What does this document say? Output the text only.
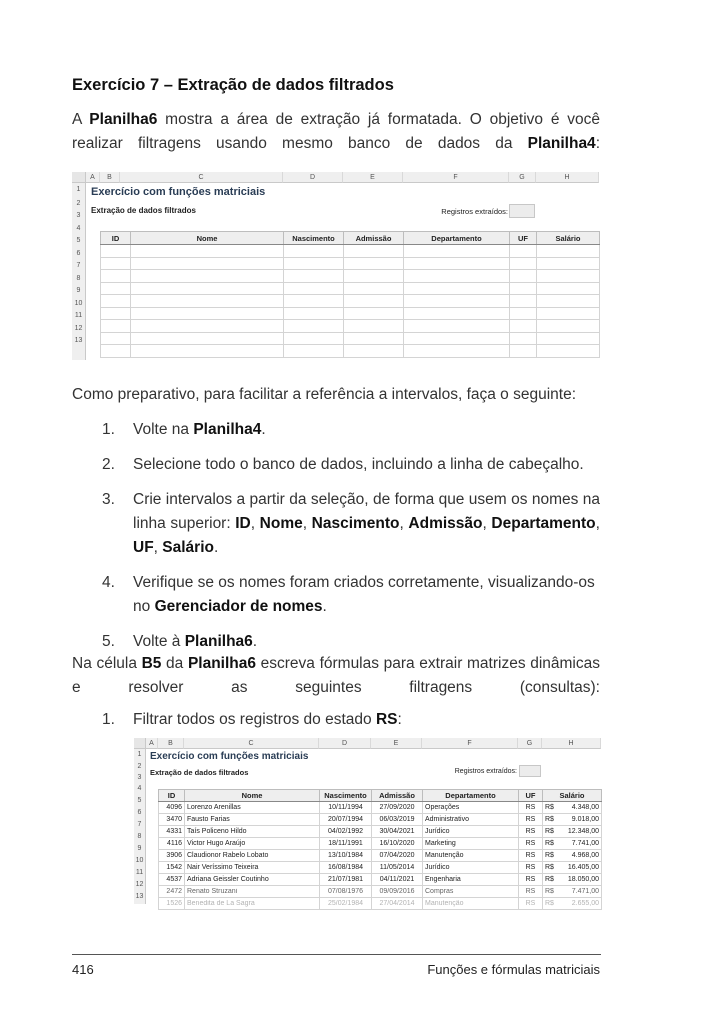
Exercício 7 – Extração de dados filtrados
A Planilha6 mostra a área de extração já formatada. O objetivo é você realizar filtragens usando mesmo banco de dados da Planilha4:
A	B	C	D	E	F	G	H
1
2
3
4
5
6
7
8
9
10
11
12
13
Exercício com funções matriciais
Extração de dados filtrados	Registros extraídos:
ID	Nome	Nascimento	Admissão	Departamento	UF	Salário

Como preparativo, para facilitar a referência a intervalos, faça o seguinte:
1. Volte na Planilha4.
2. Selecione todo o banco de dados, incluindo a linha de cabeçalho.
3. Crie intervalos a partir da seleção, de forma que usem os nomes na linha superior: ID, Nome, Nascimento, Admissão, Departamento, UF, Salário.
4. Verifique se os nomes foram criados corretamente, visualizando-os no Gerenciador de nomes.
5. Volte à Planilha6.
Na célula B5 da Planilha6 escreva fórmulas para extrair matrizes dinâmicas e resolver as seguintes filtragens (consultas):
1. Filtrar todos os registros do estado RS:
A	B	C	D	E	F	G	H
1
2
3
4
5
6
7
8
9
10
11
12
13
Exercício com funções matriciais
Extração de dados filtrados	Registros extraídos:
ID	Nome	Nascimento	Admissão	Departamento	UF	Salário
4096	Lorenzo Arenillas	10/11/1994	27/09/2020	Operações	RS	R$ 4.348,00

3470	Fausto Farias	20/07/1994	06/03/2019	Administrativo	RS	R$ 9.018,00

4331	Taís Policeno Hildo	04/02/1992	30/04/2021	Jurídico	RS	R$ 12.348,00

4116	Victor Hugo Araújo	18/11/1991	16/10/2020	Marketing	RS	R$ 7.741,00

3906	Claudionor Rabelo Lobato	13/10/1984	07/04/2020	Manutenção	RS	R$ 4.968,00

1542	Nair Veríssimo Teixeira	16/08/1984	11/05/2014	Jurídico	RS	R$ 16.405,00

4537	Adriana Geissler Coutinho	21/07/1981	04/11/2021	Engenharia	RS	R$ 18.050,00

2472	Renato Struzani	07/08/1976	09/09/2016	Compras	RS	R$ 7.471,00

1526	Benedita de La Sagra	25/02/1984	27/04/2014	Manutenção	RS	R$ 2.655,00
416	Funções e fórmulas matriciais
